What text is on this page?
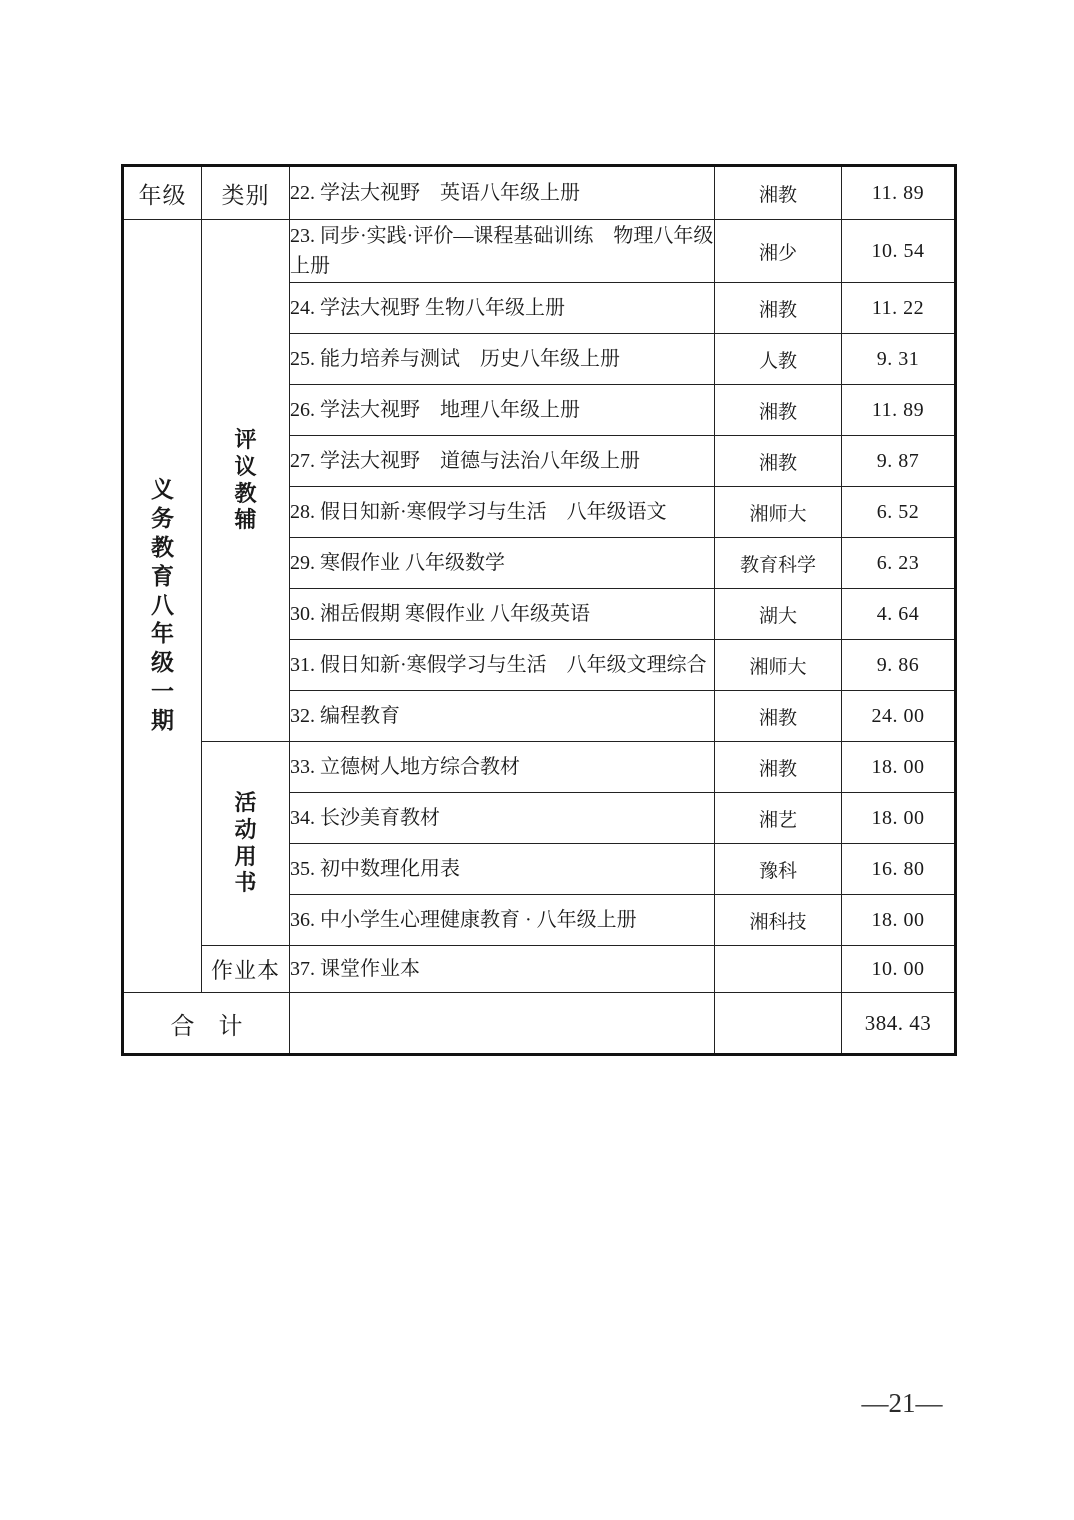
年级	类别	22. 学法大视野　英语八年级上册	湘教	11. 89

义务教育八年级一期	评议教辅	23. 同步·实践·评价—课程基础训练　物理八年级上册	湘少	10. 54
		24. 学法大视野 生物八年级上册	湘教	11. 22
		25. 能力培养与测试　历史八年级上册	人教	9. 31
		26. 学法大视野　地理八年级上册	湘教	11. 89
		27. 学法大视野　道德与法治八年级上册	湘教	9. 87
		28. 假日知新·寒假学习与生活　八年级语文	湘师大	6. 52
		29. 寒假作业 八年级数学	教育科学	6. 23
		30. 湘岳假期 寒假作业 八年级英语	湖大	4. 64
		31. 假日知新·寒假学习与生活　八年级文理综合	湘师大	9. 86
		32. 编程教育	湘教	24. 00

	活动用书	33. 立德树人地方综合教材	湘教	18. 00
		34. 长沙美育教材	湘艺	18. 00
		35. 初中数理化用表	豫科	16. 80
		36. 中小学生心理健康教育 · 八年级上册	湘科技	18. 00
	作业本	37. 课堂作业本		10. 00
合　计				384. 43
—21—
